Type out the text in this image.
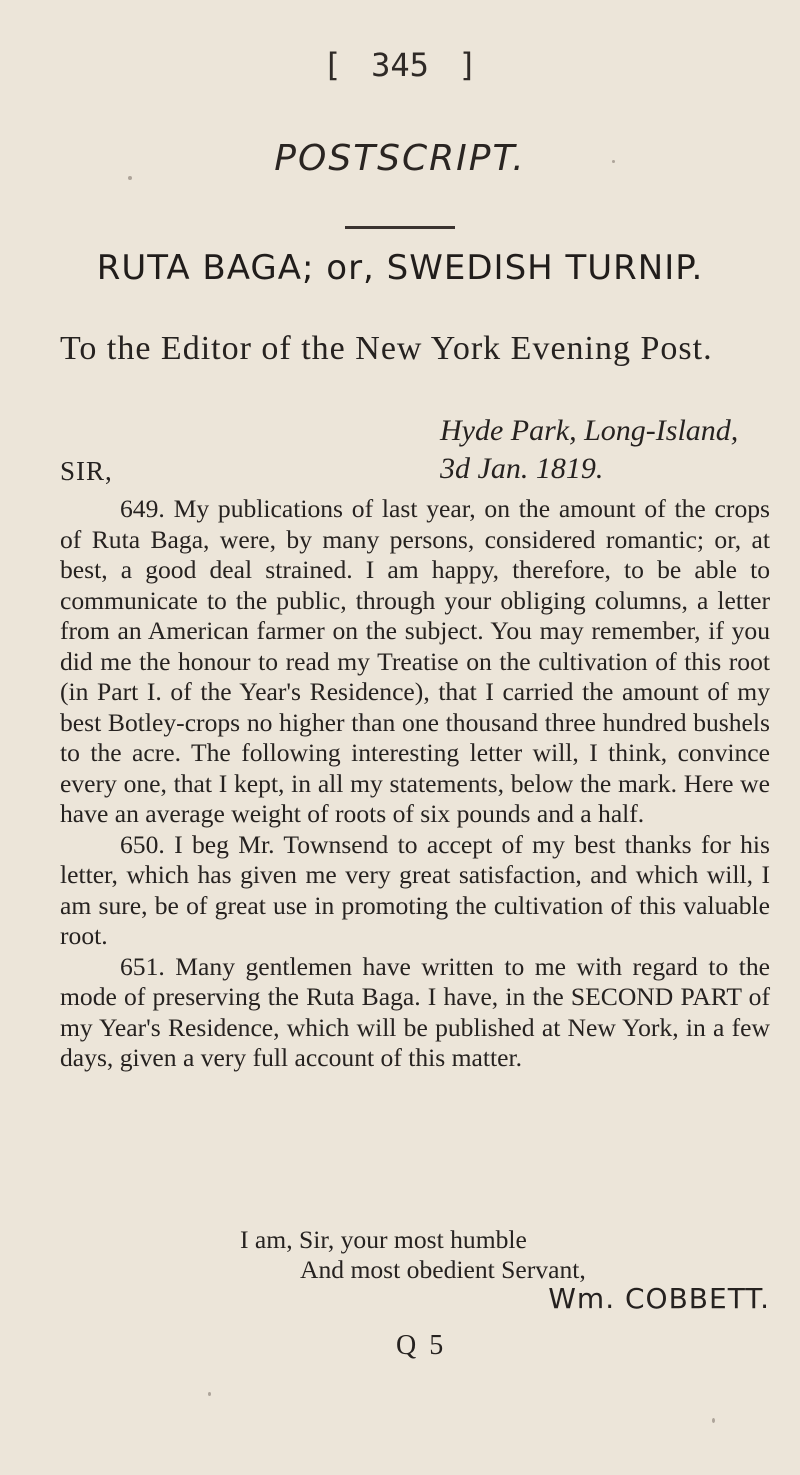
[ 345 ]
POSTSCRIPT.
RUTA BAGA; or, SWEDISH TURNIP.
To the Editor of the New York Evening Post.
Hyde Park, Long-Island,
SIR,	3d Jan. 1819.

649. My publications of last year, on the amount of the crops of Ruta Baga, were, by many persons, considered romantic; or, at best, a good deal strained. I am happy, therefore, to be able to communicate to the public, through your obliging columns, a letter from an American farmer on the subject. You may remember, if you did me the honour to read my Treatise on the cultivation of this root (in Part I. of the Year's Residence), that I carried the amount of my best Botley-crops no higher than one thousand three hundred bushels to the acre. The following interesting letter will, I think, convince every one, that I kept, in all my statements, below the mark. Here we have an average weight of roots of six pounds and a half.

650. I beg Mr. Townsend to accept of my best thanks for his letter, which has given me very great satisfaction, and which will, I am sure, be of great use in promoting the cultivation of this valuable root.

651. Many gentlemen have written to me with regard to the mode of preserving the Ruta Baga. I have, in the SECOND PART of my Year's Residence, which will be published at New York, in a few days, given a very full account of this matter.

I am, Sir, your most humble
And most obedient Servant,
Wm. COBBETT.
Q 5
